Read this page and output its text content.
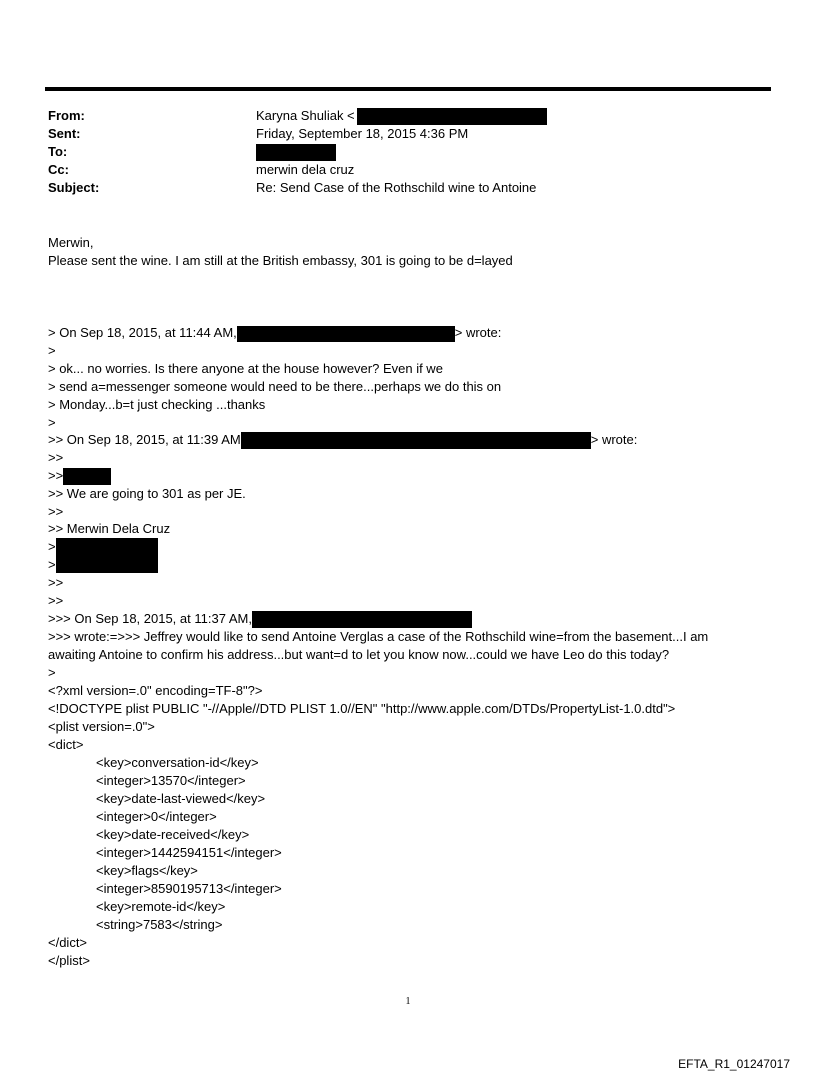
From:	Karyna Shuliak <
Sent:	Friday, September 18, 2015 4:36 PM
To:
Cc:	merwin dela cruz
Subject:	Re: Send Case of the Rothschild wine to Antoine
Merwin,
Please sent the wine. I am still at the British embassy, 301 is going to be d=layed
> On Sep 18, 2015, at 11:44 AM,	> wrote:
>
> ok... no worries. Is there anyone at the house however? Even if we
> send a=messenger someone would need to be there...perhaps we do this on
> Monday...b=t just checking ...thanks
>
>> On Sep 18, 2015, at 11:39 AM	> wrote:
>>
>>
>> We are going to 301 as per JE.
>>
>> Merwin Dela Cruz
>
>
>>
>>
>>> On Sep 18, 2015, at 11:37 AM,
>>> wrote:=>>> Jeffrey would like to send Antoine Verglas a case of the Rothschild wine=from the basement...I am
awaiting Antoine to confirm his address...but want=d to let you know now...could we have Leo do this today?
>
<?xml version=.0" encoding=TF-8"?>
<!DOCTYPE plist PUBLIC "-//Apple//DTD PLIST 1.0//EN" "http://www.apple.com/DTDs/PropertyList-1.0.dtd">
<plist version=.0">
<dict>
<key>conversation-id</key>
<integer>13570</integer>
<key>date-last-viewed</key>
<integer>0</integer>
<key>date-received</key>
<integer>1442594151</integer>
<key>flags</key>
<integer>8590195713</integer>
<key>remote-id</key>
<string>7583</string>
</dict>
</plist>
1
EFTA_R1_01247017
